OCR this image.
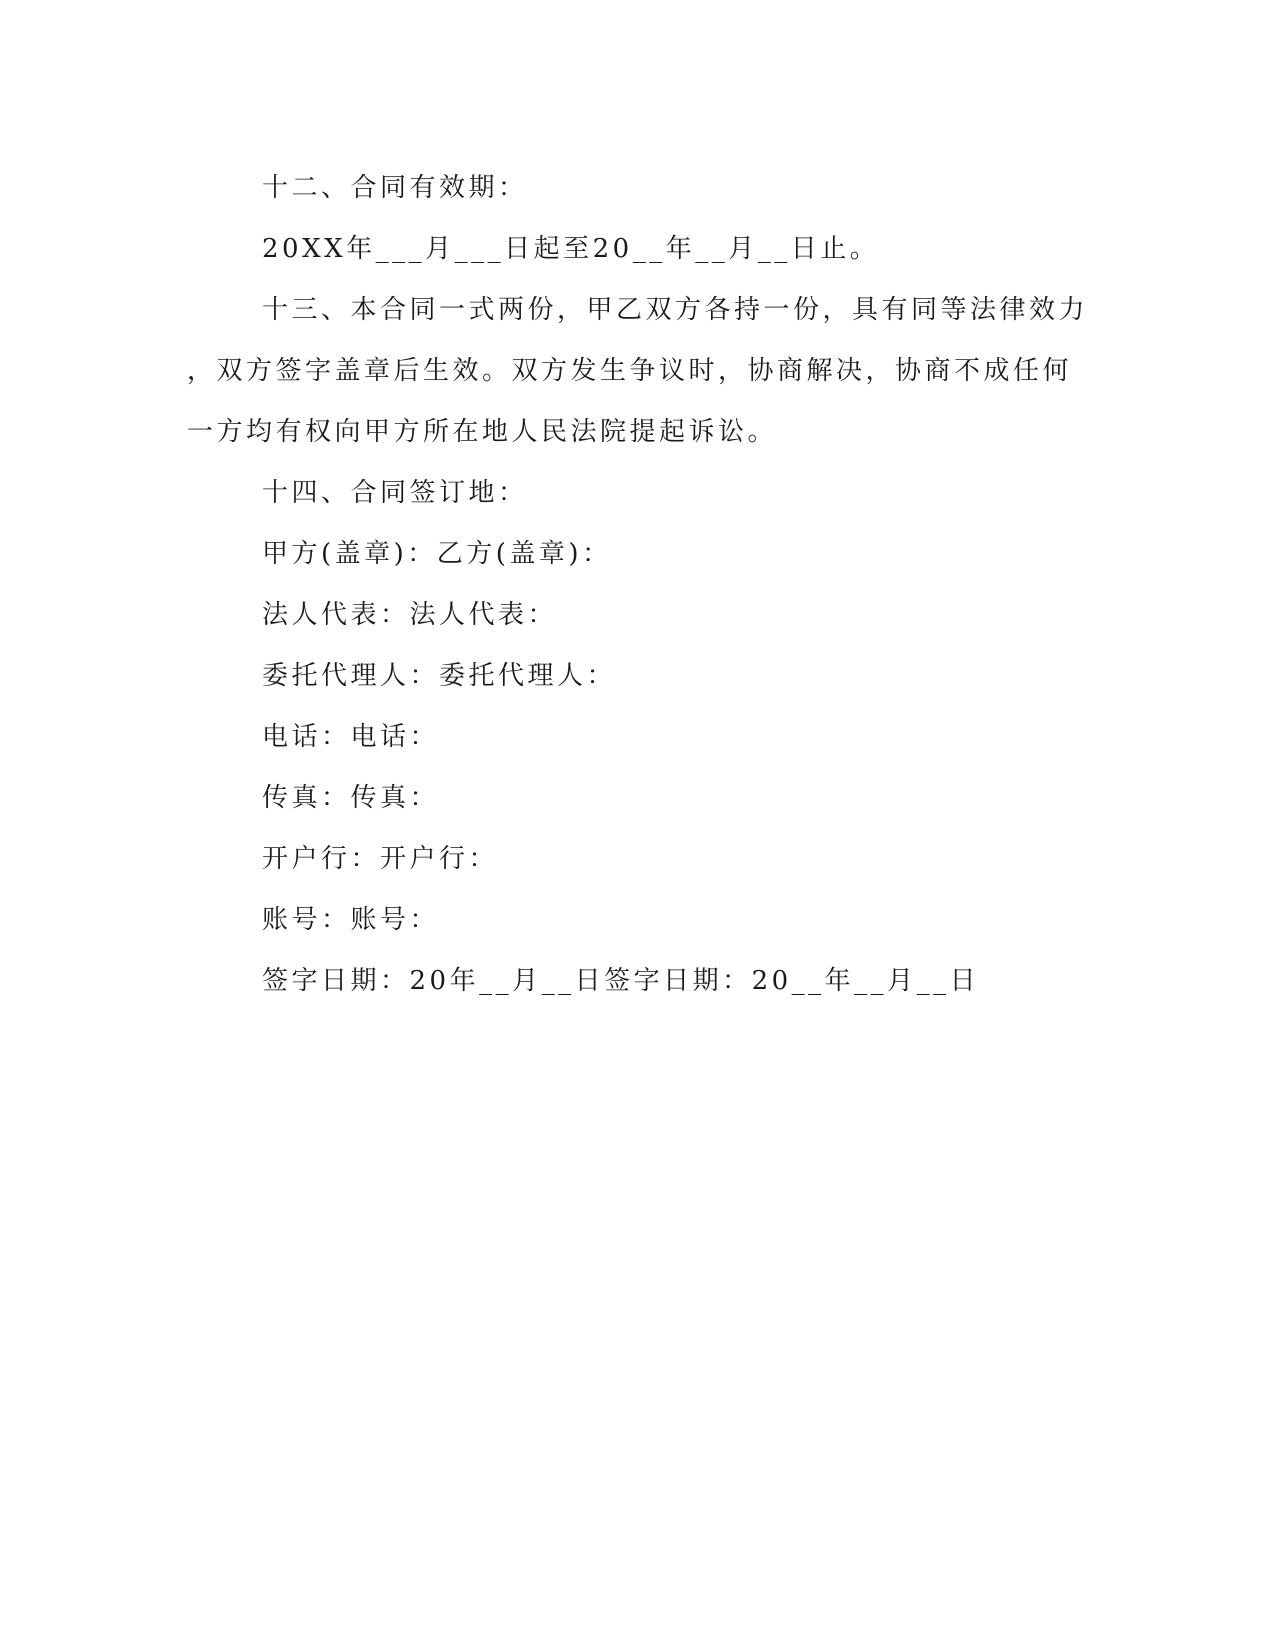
十二、合同有效期：

20XX年___月___日起至20__年__月__日止。

十三、本合同一式两份，甲乙双方各持一份，具有同等法律效力

，双方签字盖章后生效。双方发生争议时，协商解决，协商不成任何

一方均有权向甲方所在地人民法院提起诉讼。

十四、合同签订地：

甲方(盖章)：乙方(盖章)：

法人代表：法人代表：

委托代理人：委托代理人：

电话：电话：

传真：传真：

开户行：开户行：

账号：账号：

签字日期：20年__月__日签字日期：20__年__月__日
